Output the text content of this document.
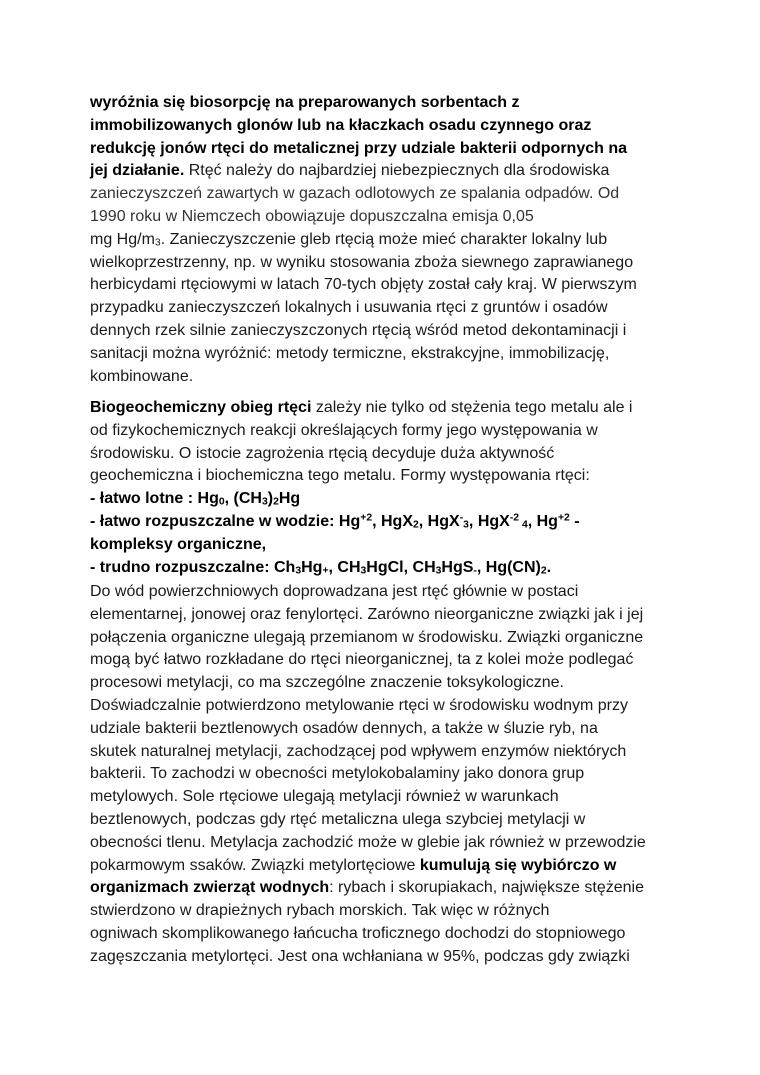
wyróżnia się biosorpcję na preparowanych sorbentach z
immobilizowanych glonów lub na kłaczkach osadu czynnego oraz
redukcję jonów rtęci do metalicznej przy udziale bakterii odpornych na
jej działanie. Rtęć należy do najbardziej niebezpiecznych dla środowiska
zanieczyszczeń zawartych w gazach odlotowych ze spalania odpadów. Od
1990 roku w Niemczech obowiązuje dopuszczalna emisja 0,05
mg $Hg/m_3$. Zanieczyszczenie gleb rtęcią może mieć charakter lokalny lub
wielkoprzestrzenny, np. w wyniku stosowania zboża siewnego zaprawianego
herbicydami rtęciowymi w latach 70-tych objęty został cały kraj. W pierwszym
przypadku zanieczyszczeń lokalnych i usuwania rtęci z gruntów i osadów
dennych rzek silnie zanieczyszczonych rtęcią wśród metod dekontaminacji i
sanitacji można wyróżnić: metody termiczne, ekstrakcyjne, immobilizację,
kombinowane.
Biogeochemiczny obieg rtęci zależy nie tylko od stężenia tego metalu ale i
od fizykochemicznych reakcji określających formy jego występowania w
środowisku. O istocie zagrożenia rtęcią decyduje duża aktywność
geochemiczna i biochemiczna tego metalu. Formy występowania rtęci:
- łatwo lotne : $Hg_0$, $(CH_3)_2Hg$
- łatwo rozpuszczalne w wodzie: $Hg^{+2}$, HgX$_2$, HgX-$_3$, HgX$^{-2}$ $_4$, $Hg^{+2}$ -
kompleksy organiczne,
- trudno rozpuszczalne: $Ch_3Hg_+$, $CH_3HgCl$, $CH_3HgS_-$, $Hg(CN)_2$.
Do wód powierzchniowych doprowadzana jest rtęć głównie w postaci
elementarnej, jonowej oraz fenylortęci. Zarówno nieorganiczne związki jak i jej
połączenia organiczne ulegają przemianom w środowisku. Związki organiczne
mogą być łatwo rozkładane do rtęci nieorganicznej, ta z kolei może podlegać
procesowi metylacji, co ma szczególne znaczenie toksykologiczne.
Doświadczalnie potwierdzono metylowanie rtęci w środowisku wodnym przy
udziale bakterii beztlenowych osadów dennych, a także w śluzie ryb, na
skutek naturalnej metylacji, zachodzącej pod wpływem enzymów niektórych
bakterii. To zachodzi w obecności metylokobalaminy jako donora grup
metylowych. Sole rtęciowe ulegają metylacji również w warunkach
beztlenowych, podczas gdy rtęć metaliczna ulega szybciej metylacji w
obecności tlenu. Metylacja zachodzić może w glebie jak również w przewodzie
pokarmowym ssaków. Związki metylortęciowe kumulują się wybiórczo w
organizmach zwierząt wodnych: rybach i skorupiakach, największe stężenie
stwierdzono w drapieżnych rybach morskich. Tak więc w różnych
ogniwach skomplikowanego łańcucha troficznego dochodzi do stopniowego
zagęszczania metylortęci. Jest ona wchłaniana w 95%, podczas gdy związki
